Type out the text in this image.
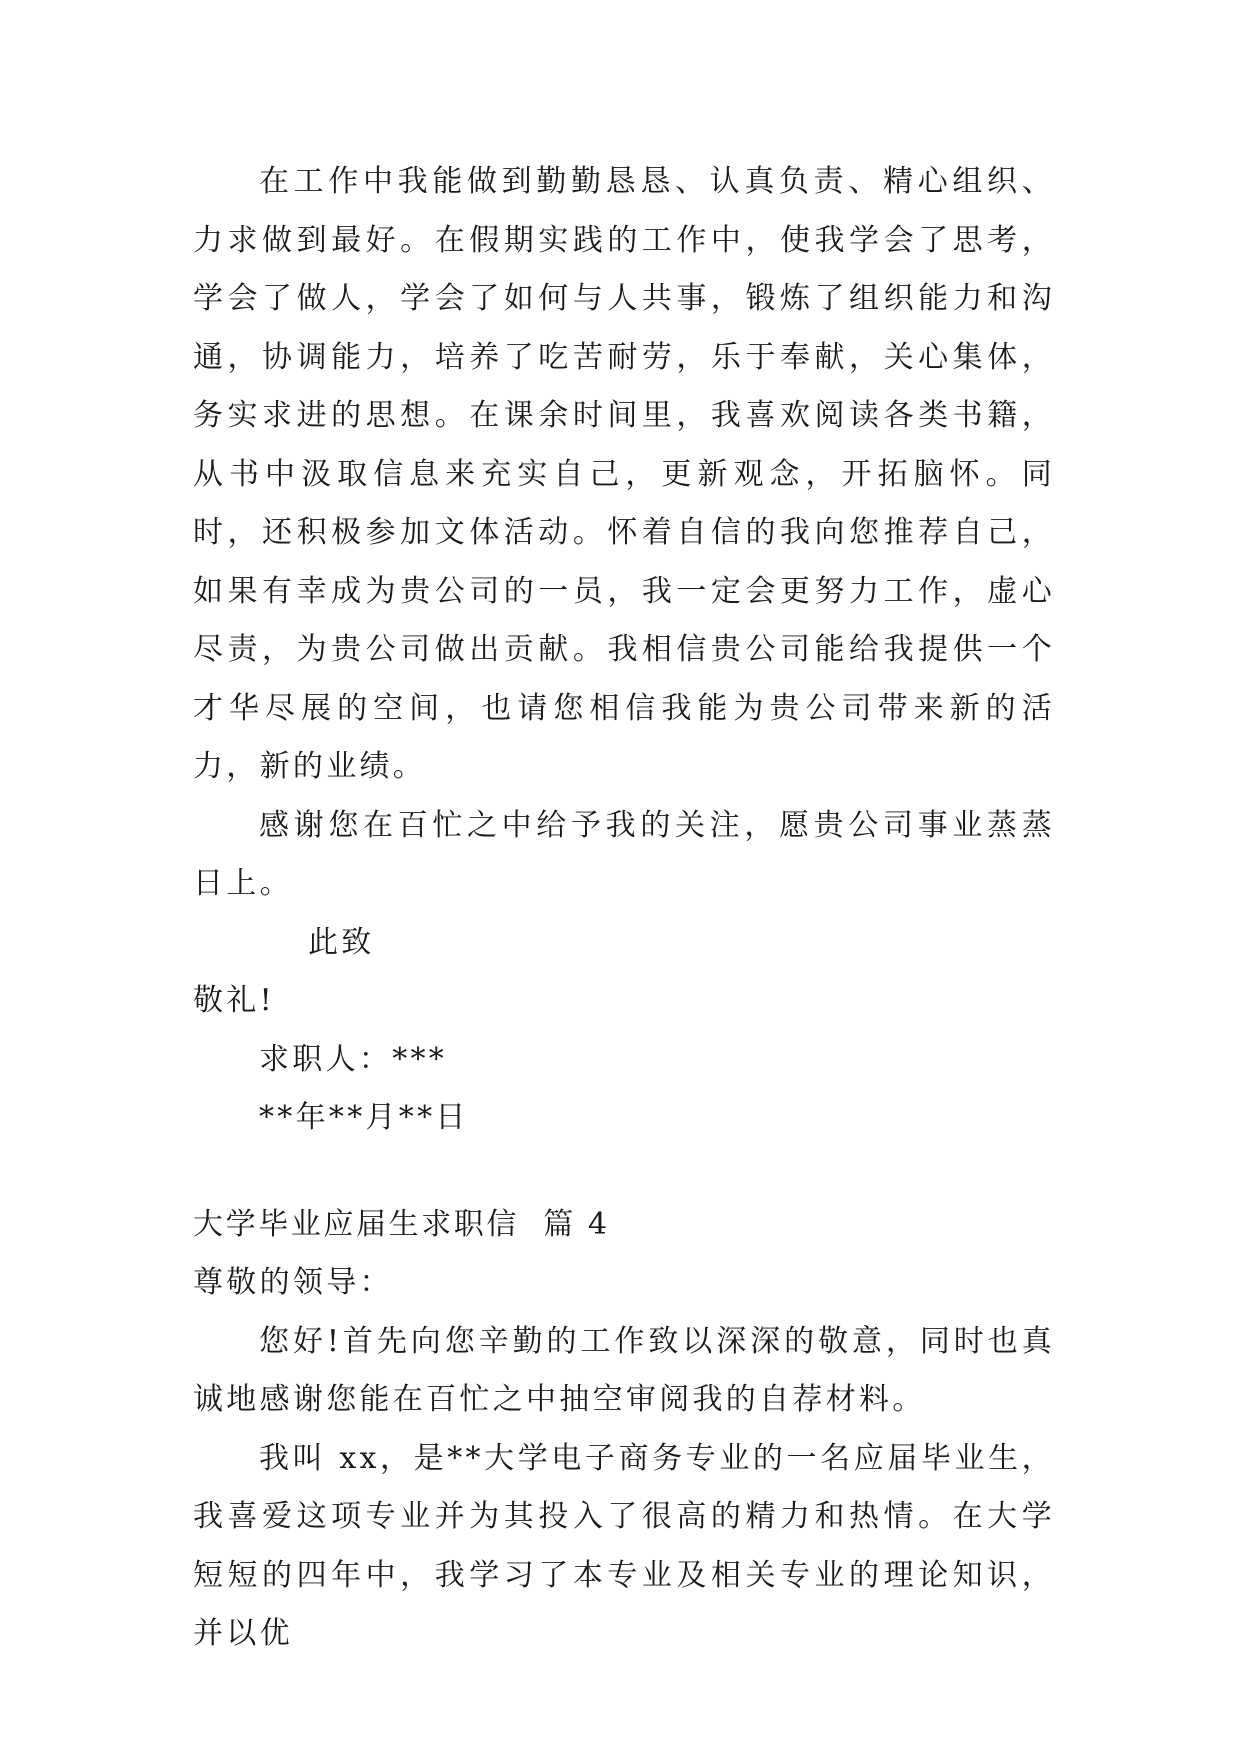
在工作中我能做到勤勤恳恳、认真负责、精心组织、力求做到最好。在假期实践的工作中，使我学会了思考，学会了做人，学会了如何与人共事，锻炼了组织能力和沟通，协调能力，培养了吃苦耐劳，乐于奉献，关心集体，务实求进的思想。在课余时间里，我喜欢阅读各类书籍，从书中汲取信息来充实自己，更新观念，开拓脑怀。同时，还积极参加文体活动。怀着自信的我向您推荐自己，如果有幸成为贵公司的一员，我一定会更努力工作，虚心尽责，为贵公司做出贡献。我相信贵公司能给我提供一个才华尽展的空间，也请您相信我能为贵公司带来新的活力，新的业绩。

感谢您在百忙之中给予我的关注，愿贵公司事业蒸蒸日上。

此致

敬礼!

求职人：***

**年**月**日

大学毕业应届生求职信  篇 4

尊敬的领导：

您好!首先向您辛勤的工作致以深深的敬意，同时也真诚地感谢您能在百忙之中抽空审阅我的自荐材料。

我叫 xx，是**大学电子商务专业的一名应届毕业生，我喜爱这项专业并为其投入了很高的精力和热情。在大学短短的四年中，我学习了本专业及相关专业的理论知识，并以优
